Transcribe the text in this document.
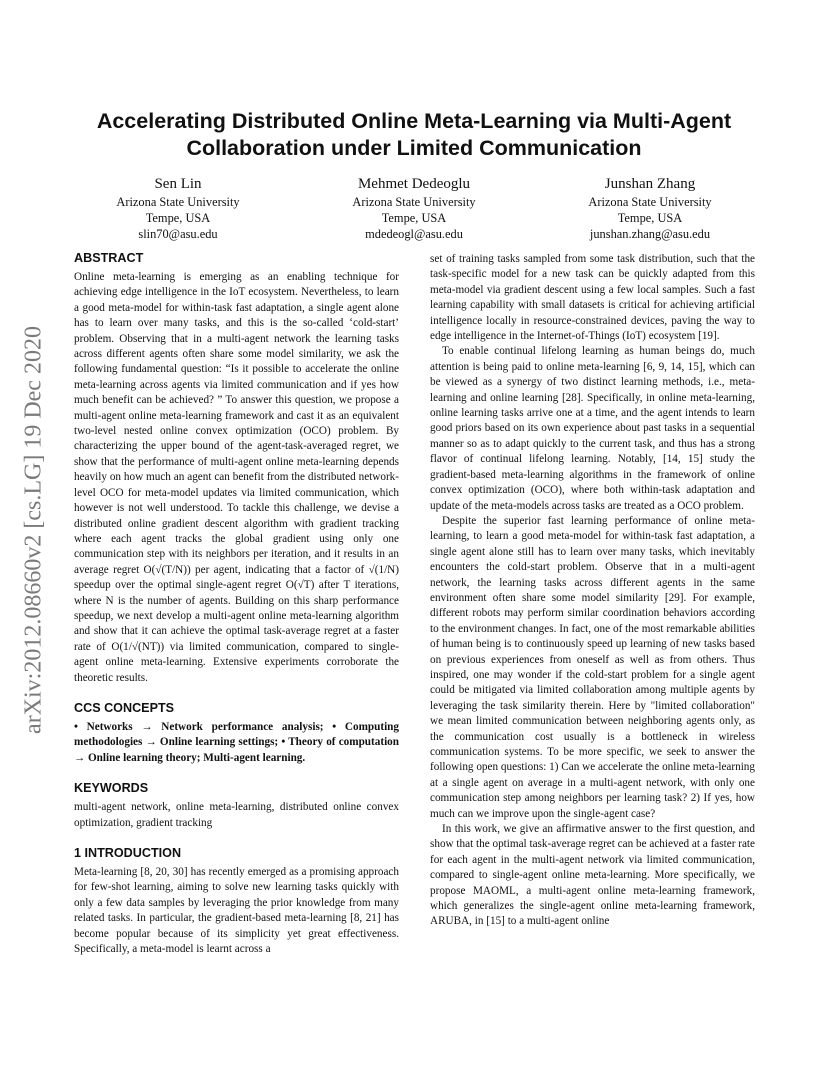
arXiv:2012.08660v2 [cs.LG] 19 Dec 2020
Accelerating Distributed Online Meta-Learning via Multi-Agent
Collaboration under Limited Communication
Sen Lin
Arizona State University
Tempe, USA
slin70@asu.edu
Mehmet Dedeoglu
Arizona State University
Tempe, USA
mdedeogl@asu.edu
Junshan Zhang
Arizona State University
Tempe, USA
junshan.zhang@asu.edu
ABSTRACT

Online meta-learning is emerging as an enabling technique for achieving edge intelligence in the IoT ecosystem. Nevertheless, to learn a good meta-model for within-task fast adaptation, a single agent alone has to learn over many tasks, and this is the so-called ‘cold-start’ problem. Observing that in a multi-agent network the learning tasks across different agents often share some model similarity, we ask the following fundamental question: “Is it possible to accelerate the online meta-learning across agents via limited communication and if yes how much benefit can be achieved? ” To answer this question, we propose a multi-agent online meta-learning framework and cast it as an equivalent two-level nested online convex optimization (OCO) problem. By characterizing the upper bound of the agent-task-averaged regret, we show that the performance of multi-agent online meta-learning depends heavily on how much an agent can benefit from the distributed network-level OCO for meta-model updates via limited communication, which however is not well understood. To tackle this challenge, we devise a distributed online gradient descent algorithm with gradient tracking where each agent tracks the global gradient using only one communication step with its neighbors per iteration, and it results in an average regret O(√(T/N)) per agent, indicating that a factor of √(1/N) speedup over the optimal single-agent regret O(√T) after T iterations, where N is the number of agents. Building on this sharp performance speedup, we next develop a multi-agent online meta-learning algorithm and show that it can achieve the optimal task-average regret at a faster rate of O(1/√(NT)) via limited communication, compared to single-agent online meta-learning. Extensive experiments corroborate the theoretic results.

CCS CONCEPTS

• Networks → Network performance analysis; • Computing methodologies → Online learning settings; • Theory of computation → Online learning theory; Multi-agent learning.

KEYWORDS

multi-agent network, online meta-learning, distributed online convex optimization, gradient tracking

1 INTRODUCTION

Meta-learning [8, 20, 30] has recently emerged as a promising approach for few-shot learning, aiming to solve new learning tasks quickly with only a few data samples by leveraging the prior knowledge from many related tasks. In particular, the gradient-based meta-learning [8, 21] has become popular because of its simplicity yet great effectiveness. Specifically, a meta-model is learnt across a

set of training tasks sampled from some task distribution, such that the task-specific model for a new task can be quickly adapted from this meta-model via gradient descent using a few local samples. Such a fast learning capability with small datasets is critical for achieving artificial intelligence locally in resource-constrained devices, paving the way to edge intelligence in the Internet-of-Things (IoT) ecosystem [19].

To enable continual lifelong learning as human beings do, much attention is being paid to online meta-learning [6, 9, 14, 15], which can be viewed as a synergy of two distinct learning methods, i.e., meta-learning and online learning [28]. Specifically, in online meta-learning, online learning tasks arrive one at a time, and the agent intends to learn good priors based on its own experience about past tasks in a sequential manner so as to adapt quickly to the current task, and thus has a strong flavor of continual lifelong learning. Notably, [14, 15] study the gradient-based meta-learning algorithms in the framework of online convex optimization (OCO), where both within-task adaptation and update of the meta-models across tasks are treated as a OCO problem.

Despite the superior fast learning performance of online meta-learning, to learn a good meta-model for within-task fast adaptation, a single agent alone still has to learn over many tasks, which inevitably encounters the cold-start problem. Observe that in a multi-agent network, the learning tasks across different agents in the same environment often share some model similarity [29]. For example, different robots may perform similar coordination behaviors according to the environment changes. In fact, one of the most remarkable abilities of human being is to continuously speed up learning of new tasks based on previous experiences from oneself as well as from others. Thus inspired, one may wonder if the cold-start problem for a single agent could be mitigated via limited collaboration among multiple agents by leveraging the task similarity therein. Here by "limited collaboration" we mean limited communication between neighboring agents only, as the communication cost usually is a bottleneck in wireless communication systems. To be more specific, we seek to answer the following open questions: 1) Can we accelerate the online meta-learning at a single agent on average in a multi-agent network, with only one communication step among neighbors per learning task? 2) If yes, how much can we improve upon the single-agent case?

In this work, we give an affirmative answer to the first question, and show that the optimal task-average regret can be achieved at a faster rate for each agent in the multi-agent network via limited communication, compared to single-agent online meta-learning. More specifically, we propose MAOML, a multi-agent online meta-learning framework, which generalizes the single-agent online meta-learning framework, ARUBA, in [15] to a multi-agent online
